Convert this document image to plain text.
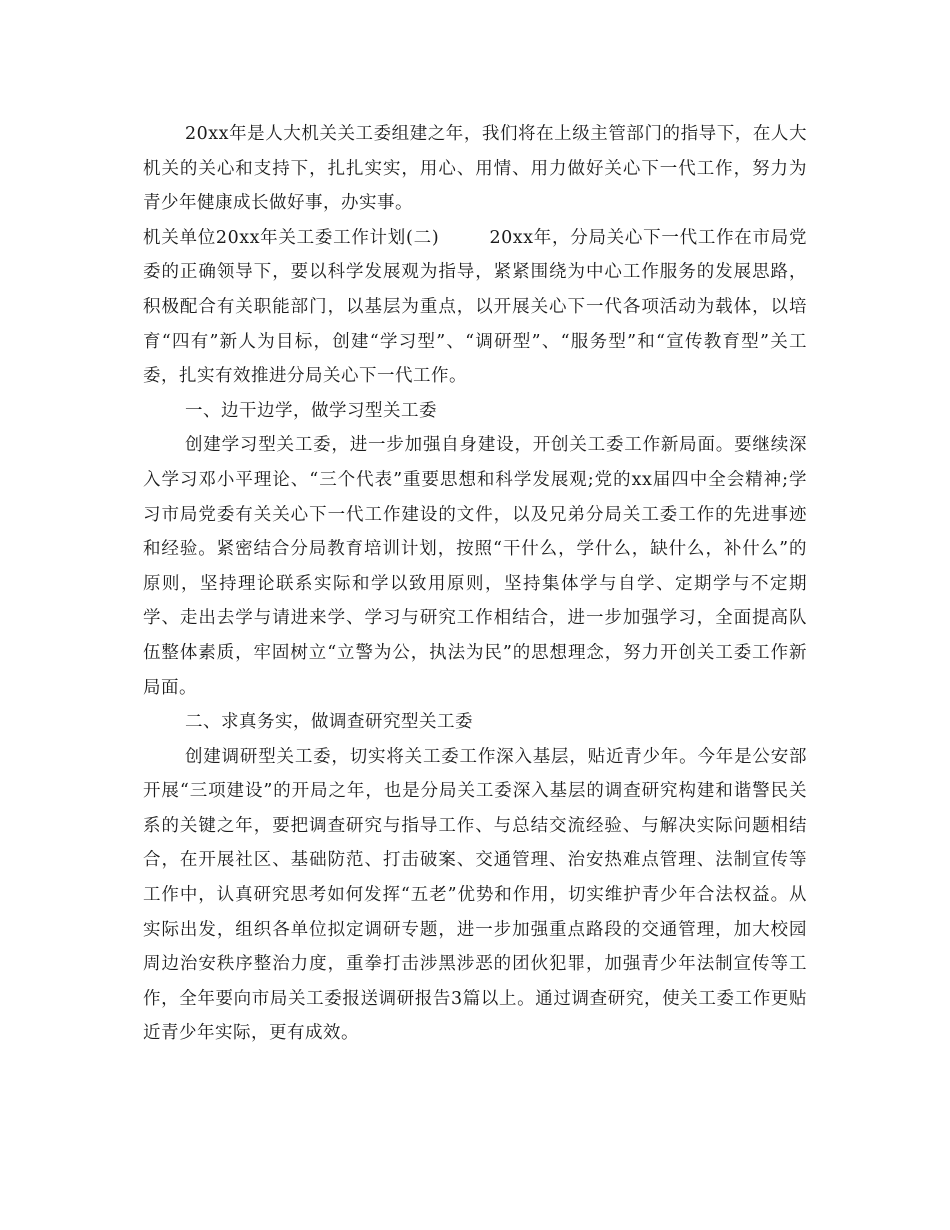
20xx年是人大机关关工委组建之年，我们将在上级主管部门的指导下，在人大机关的关心和支持下，扎扎实实，用心、用情、用力做好关心下一代工作，努力为青少年健康成长做好事，办实事。

机关单位20xx年关工委工作计划(二)        20xx年，分局关心下一代工作在市局党委的正确领导下，要以科学发展观为指导，紧紧围绕为中心工作服务的发展思路，积极配合有关职能部门，以基层为重点，以开展关心下一代各项活动为载体，以培育“四有”新人为目标，创建“学习型”、“调研型”、“服务型”和“宣传教育型”关工委，扎实有效推进分局关心下一代工作。

一、边干边学，做学习型关工委

创建学习型关工委，进一步加强自身建设，开创关工委工作新局面。要继续深入学习邓小平理论、“三个代表”重要思想和科学发展观;党的xx届四中全会精神;学习市局党委有关关心下一代工作建设的文件，以及兄弟分局关工委工作的先进事迹和经验。紧密结合分局教育培训计划，按照“干什么，学什么，缺什么，补什么”的原则，坚持理论联系实际和学以致用原则，坚持集体学与自学、定期学与不定期学、走出去学与请进来学、学习与研究工作相结合，进一步加强学习，全面提高队伍整体素质，牢固树立“立警为公，执法为民”的思想理念，努力开创关工委工作新局面。

二、求真务实，做调查研究型关工委

创建调研型关工委，切实将关工委工作深入基层，贴近青少年。今年是公安部开展“三项建设”的开局之年，也是分局关工委深入基层的调查研究构建和谐警民关系的关键之年，要把调查研究与指导工作、与总结交流经验、与解决实际问题相结合，在开展社区、基础防范、打击破案、交通管理、治安热难点管理、法制宣传等工作中，认真研究思考如何发挥“五老”优势和作用，切实维护青少年合法权益。从实际出发，组织各单位拟定调研专题，进一步加强重点路段的交通管理，加大校园周边治安秩序整治力度，重拳打击涉黑涉恶的团伙犯罪，加强青少年法制宣传等工作，全年要向市局关工委报送调研报告3篇以上。通过调查研究，使关工委工作更贴近青少年实际，更有成效。
